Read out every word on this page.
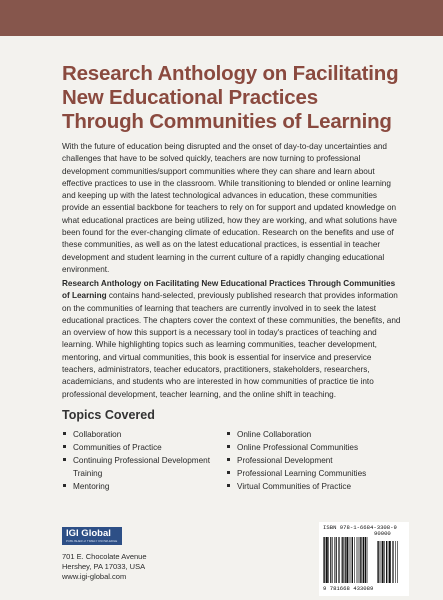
Research Anthology on Facilitating New Educational Practices Through Communities of Learning
With the future of education being disrupted and the onset of day-to-day uncertainties and challenges that have to be solved quickly, teachers are now turning to professional development communities/support communities where they can share and learn about effective practices to use in the classroom. While transitioning to blended or online learning and keeping up with the latest technological advances in education, these communities provide an essential backbone for teachers to rely on for support and updated knowledge on what educational practices are being utilized, how they are working, and what solutions have been found for the ever-changing climate of education. Research on the benefits and use of these communities, as well as on the latest educational practices, is essential in teacher development and student learning in the current culture of a rapidly changing educational environment.
Research Anthology on Facilitating New Educational Practices Through Communities of Learning contains hand-selected, previously published research that provides information on the communities of learning that teachers are currently involved in to seek the latest educational practices. The chapters cover the context of these communities, the benefits, and an overview of how this support is a necessary tool in today's practices of teaching and learning. While highlighting topics such as learning communities, teacher development, mentoring, and virtual communities, this book is essential for inservice and preservice teachers, administrators, teacher educators, practitioners, stakeholders, researchers, academicians, and students who are interested in how communities of practice tie into professional development, teacher learning, and the online shift in teaching.
Topics Covered
Collaboration
Communities of Practice
Continuing Professional Development Training
Mentoring
Online Collaboration
Online Professional Communities
Professional Development
Professional Learning Communities
Virtual Communities of Practice
IGI Global
PUBLISHER of TIMELY KNOWLEDGE
701 E. Chocolate Avenue
Hershey, PA 17033, USA
www.igi-global.com
ISBN 978-1-6684-3308-9
90000
9 781668 433089
